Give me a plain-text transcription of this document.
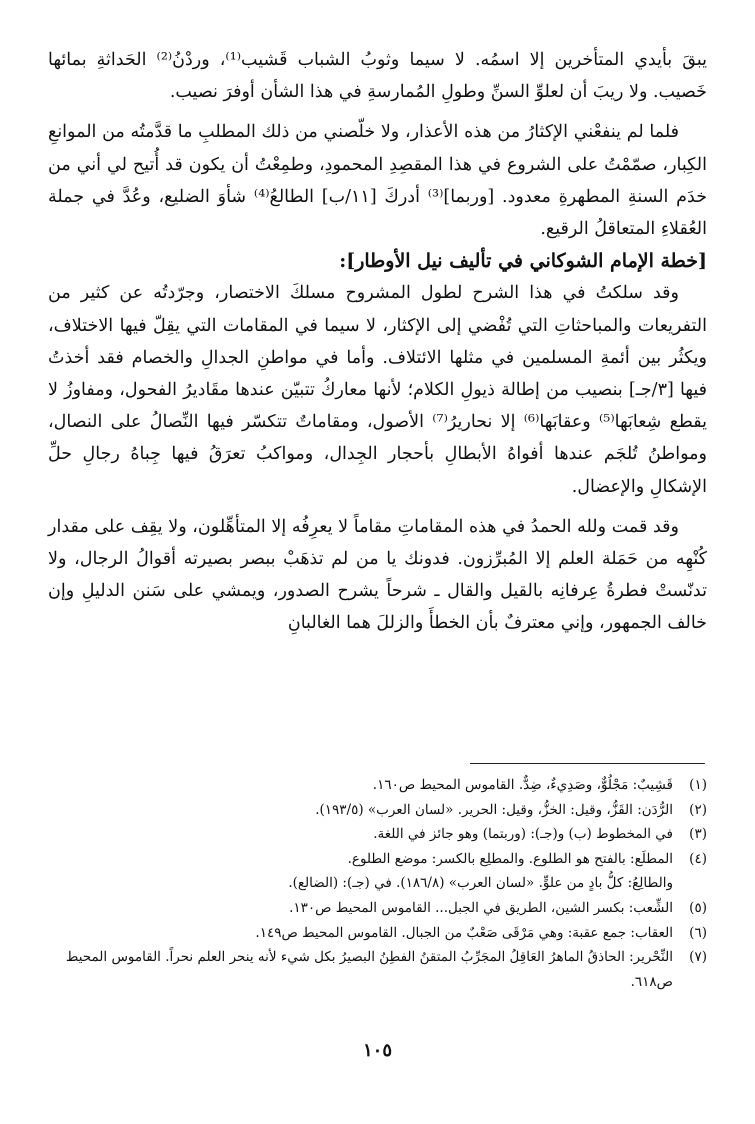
يبقَ بأيدي المتأخرين إلا اسمُه. لا سيما وثوبُ الشباب قَشيب⁽¹⁾، وردْنُ⁽²⁾ الحَداثةِ بمائها خَصيب. ولا ريبَ أن لعلوِّ السنِّ وطولِ المُمارسةِ في هذا الشأن أوفرَ نصيب.

فلما لم ينفعْني الإكثارُ من هذه الأعذار، ولا خلّصني من ذلك المطلبِ ما قدَّمتُه من الموانعِ الكِبار، صمّمْتُ على الشروع في هذا المقصِدِ المحمودِ، وطمِعْتُ أن يكون قد أُتيح لي أني من خدَم السنةِ المطهرةِ معدود. [وربما]⁽³⁾ أدركَ [١١/ب] الطالعُ⁽⁴⁾ شأوَ الضليع، وعُدَّ في جملة العُقلاءِ المتعاقلُ الرقيع.

[خطة الإمام الشوكاني في تأليف نيل الأوطار]:

وقد سلكتُ في هذا الشرح لطول المشروح مسلكَ الاختصار، وجرّدتُه عن كثير من التفريعات والمباحثاتِ التي تُفْضي إلى الإكثار، لا سيما في المقامات التي يقِلّ فيها الاختلاف، ويكثُر بين أئمةِ المسلمين في مثلها الائتلاف. وأما في مواطنِ الجدالِ والخصام فقد أخذتُ فيها [٣/جـ] بنصيب من إطالة ذيولِ الكلام؛ لأنها معاركُ تتبيّن عندها مقَاديرُ الفحول، ومفاوزُ لا يقطع شِعابَها⁽⁵⁾ وعقابَها⁽⁶⁾ إلا نحاريرُ⁽⁷⁾ الأصول، ومقاماتٌ تتكسّر فيها النِّصالُ على النصال، ومواطنُ تُلجَم عندها أفواهُ الأبطالِ بأحجار الجِدال، ومواكبُ تعرَقُ فيها جِباهُ رجالِ حلِّ الإشكالِ والإعضال.

وقد قمت ولله الحمدُ في هذه المقاماتِ مقاماً لا يعرِفُه إلا المتأهِّلون، ولا يقِف على مقدار كُنْهِه من حَمَلة العلم إلا المُبرِّزون. فدونك يا من لم تذهَبْ ببصر بصيرته أقوالُ الرجال، ولا تدنّستْ فطرةُ عِرفانِه بالقيل والقال ـ شرحاً يشرح الصدور، ويمشي على سَنن الدليلِ وإن خالف الجمهور، وإني معترفٌ بأن الخطأَ والزللَ هما الغالبانِ

(١)
قَشِيبٌ: مَجْلُوٌّ، وصَدِيءٌ، ضِدٌّ. القاموس المحيط ص١٦٠.
(٢)
الرُّدَن: القَزُّ، وقيل: الخزُّ، وقيل: الحرير. «لسان العرب» (١٩٣/٥).
(٣)
في المخطوط (ب) و(جـ): (وربتما) وهو جائز في اللغة.
(٤)
المطلَع: بالفتح هو الطلوع. والمطلِع بالكسر: موضع الطلوع.
والطالِعُ: كلُّ بادٍ من علوٍّ. «لسان العرب» (١٨٦/٨). في (جـ): (الضالع).
(٥)
الشِّعب: بكسر الشين، الطريق في الجبل... القاموس المحيط ص١٣٠.
(٦)
العقاب: جمع عقبة: وهي مَرْقَى صَعْبٌ من الجبال. القاموس المحيط ص١٤٩.
(٧)
النِّحْرير: الحاذقُ الماهرُ العَاقِلُ المجَرِّبُ المتقنُ الفطِنُ البصيرُ بكل شيء لأنه ينحر العلم نحراً. القاموس المحيط ص٦١٨.
١٠٥
